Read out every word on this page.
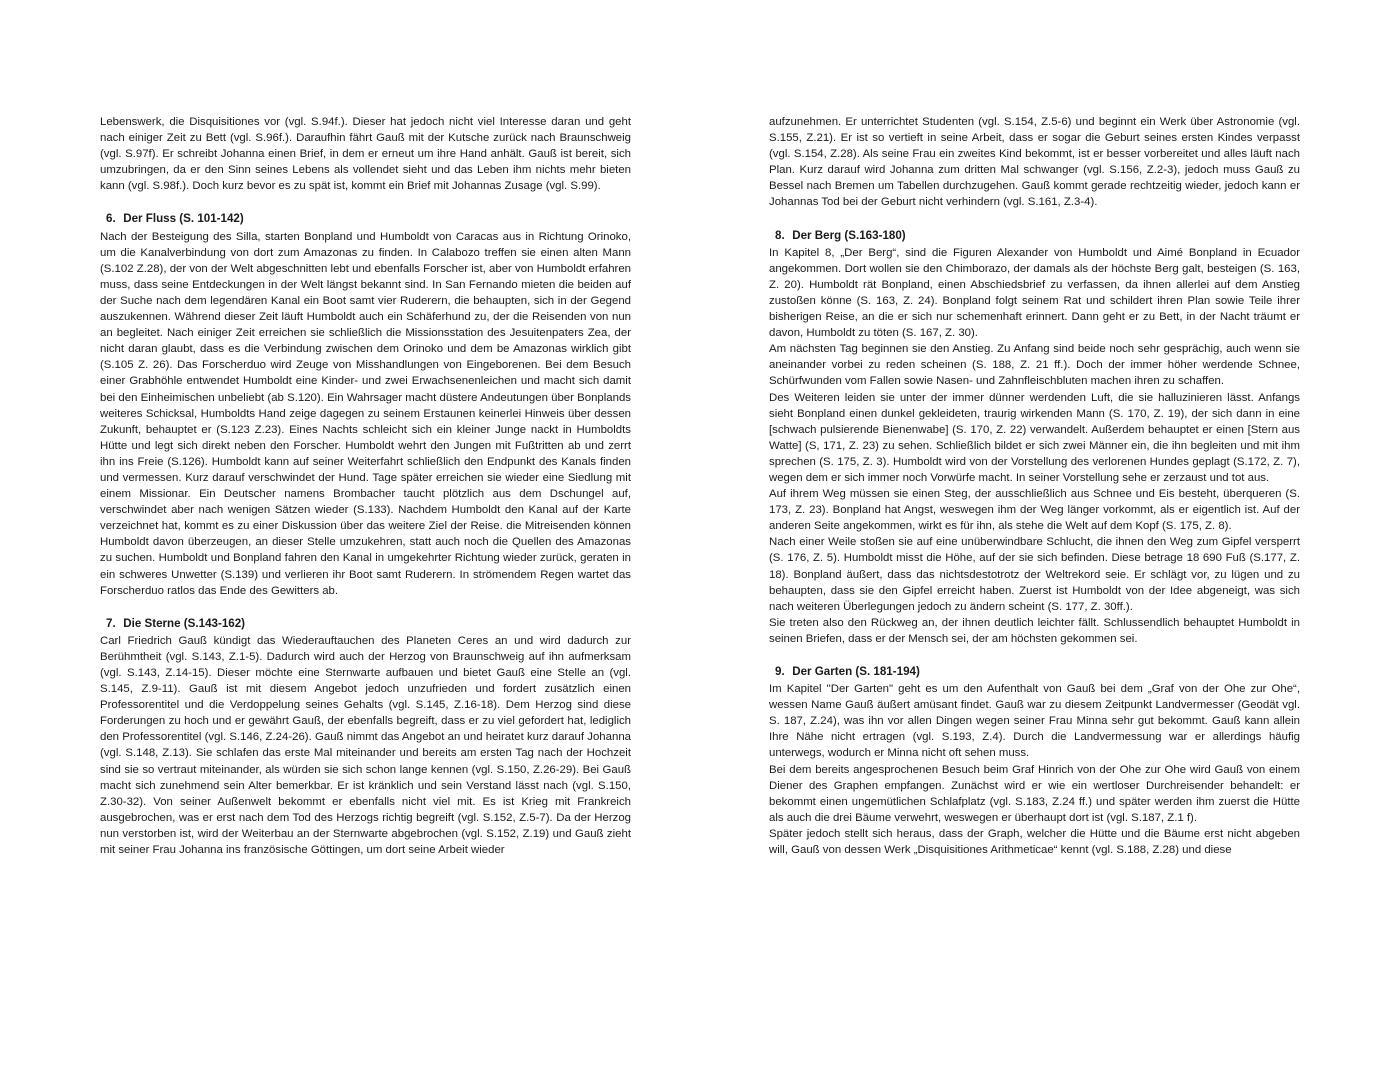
Lebenswerk, die Disquisitiones vor (vgl. S.94f.). Dieser hat jedoch nicht viel Interesse daran und geht nach einiger Zeit zu Bett (vgl. S.96f.). Daraufhin fährt Gauß mit der Kutsche zurück nach Braunschweig (vgl. S.97f). Er schreibt Johanna einen Brief, in dem er erneut um ihre Hand anhält. Gauß ist bereit, sich umzubringen, da er den Sinn seines Lebens als vollendet sieht und das Leben ihm nichts mehr bieten kann (vgl. S.98f.). Doch kurz bevor es zu spät ist, kommt ein Brief mit Johannas Zusage (vgl. S.99).

6. Der Fluss (S. 101-142)

Nach der Besteigung des Silla, starten Bonpland und Humboldt von Caracas aus in Richtung Orinoko, um die Kanalverbindung von dort zum Amazonas zu finden. In Calabozo treffen sie einen alten Mann (S.102 Z.28), der von der Welt abgeschnitten lebt und ebenfalls Forscher ist, aber von Humboldt erfahren muss, dass seine Entdeckungen in der Welt längst bekannt sind. In San Fernando mieten die beiden auf der Suche nach dem legendären Kanal ein Boot samt vier Ruderern, die behaupten, sich in der Gegend auszukennen. Während dieser Zeit läuft Humboldt auch ein Schäferhund zu, der die Reisenden von nun an begleitet. Nach einiger Zeit erreichen sie schließlich die Missionsstation des Jesuitenpaters Zea, der nicht daran glaubt, dass es die Verbindung zwischen dem Orinoko und dem be Amazonas wirklich gibt (S.105 Z. 26). Das Forscherduo wird Zeuge von Misshandlungen von Eingeborenen. Bei dem Besuch einer Grabhöhle entwendet Humboldt eine Kinder- und zwei Erwachsenenleichen und macht sich damit bei den Einheimischen unbeliebt (ab S.120). Ein Wahrsager macht düstere Andeutungen über Bonplands weiteres Schicksal, Humboldts Hand zeige dagegen zu seinem Erstaunen keinerlei Hinweis über dessen Zukunft, behauptet er (S.123 Z.23). Eines Nachts schleicht sich ein kleiner Junge nackt in Humboldts Hütte und legt sich direkt neben den Forscher. Humboldt wehrt den Jungen mit Fußtritten ab und zerrt ihn ins Freie (S.126). Humboldt kann auf seiner Weiterfahrt schließlich den Endpunkt des Kanals finden und vermessen. Kurz darauf verschwindet der Hund. Tage später erreichen sie wieder eine Siedlung mit einem Missionar. Ein Deutscher namens Brombacher taucht plötzlich aus dem Dschungel auf, verschwindet aber nach wenigen Sätzen wieder (S.133). Nachdem Humboldt den Kanal auf der Karte verzeichnet hat, kommt es zu einer Diskussion über das weitere Ziel der Reise. die Mitreisenden können Humboldt davon überzeugen, an dieser Stelle umzukehren, statt auch noch die Quellen des Amazonas zu suchen. Humboldt und Bonpland fahren den Kanal in umgekehrter Richtung wieder zurück, geraten in ein schweres Unwetter (S.139) und verlieren ihr Boot samt Ruderern. In strömendem Regen wartet das Forscherduo ratlos das Ende des Gewitters ab.

7. Die Sterne (S.143-162)

Carl Friedrich Gauß kündigt das Wiederauftauchen des Planeten Ceres an und wird dadurch zur Berühmtheit (vgl. S.143, Z.1-5). Dadurch wird auch der Herzog von Braunschweig auf ihn aufmerksam (vgl. S.143, Z.14-15). Dieser möchte eine Sternwarte aufbauen und bietet Gauß eine Stelle an (vgl. S.145, Z.9-11). Gauß ist mit diesem Angebot jedoch unzufrieden und fordert zusätzlich einen Professorentitel und die Verdoppelung seines Gehalts (vgl. S.145, Z.16-18). Dem Herzog sind diese Forderungen zu hoch und er gewährt Gauß, der ebenfalls begreift, dass er zu viel gefordert hat, lediglich den Professorentitel (vgl. S.146, Z.24-26). Gauß nimmt das Angebot an und heiratet kurz darauf Johanna (vgl. S.148, Z.13). Sie schlafen das erste Mal miteinander und bereits am ersten Tag nach der Hochzeit sind sie so vertraut miteinander, als würden sie sich schon lange kennen (vgl. S.150, Z.26-29). Bei Gauß macht sich zunehmend sein Alter bemerkbar. Er ist kränklich und sein Verstand lässt nach (vgl. S.150, Z.30-32). Von seiner Außenwelt bekommt er ebenfalls nicht viel mit. Es ist Krieg mit Frankreich ausgebrochen, was er erst nach dem Tod des Herzogs richtig begreift (vgl. S.152, Z.5-7). Da der Herzog nun verstorben ist, wird der Weiterbau an der Sternwarte abgebrochen (vgl. S.152, Z.19) und Gauß zieht mit seiner Frau Johanna ins französische Göttingen, um dort seine Arbeit wieder

aufzunehmen. Er unterrichtet Studenten (vgl. S.154, Z.5-6) und beginnt ein Werk über Astronomie (vgl. S.155, Z.21). Er ist so vertieft in seine Arbeit, dass er sogar die Geburt seines ersten Kindes verpasst (vgl. S.154, Z.28). Als seine Frau ein zweites Kind bekommt, ist er besser vorbereitet und alles läuft nach Plan. Kurz darauf wird Johanna zum dritten Mal schwanger (vgl. S.156, Z.2-3), jedoch muss Gauß zu Bessel nach Bremen um Tabellen durchzugehen. Gauß kommt gerade rechtzeitig wieder, jedoch kann er Johannas Tod bei der Geburt nicht verhindern (vgl. S.161, Z.3-4).

8. Der Berg (S.163-180)

In Kapitel 8, „Der Berg“, sind die Figuren Alexander von Humboldt und Aimé Bonpland in Ecuador angekommen. Dort wollen sie den Chimborazo, der damals als der höchste Berg galt, besteigen (S. 163, Z. 20). Humboldt rät Bonpland, einen Abschiedsbrief zu verfassen, da ihnen allerlei auf dem Anstieg zustoßen könne (S. 163, Z. 24). Bonpland folgt seinem Rat und schildert ihren Plan sowie Teile ihrer bisherigen Reise, an die er sich nur schemenhaft erinnert. Dann geht er zu Bett, in der Nacht träumt er davon, Humboldt zu töten (S. 167, Z. 30).

Am nächsten Tag beginnen sie den Anstieg. Zu Anfang sind beide noch sehr gesprächig, auch wenn sie aneinander vorbei zu reden scheinen (S. 188, Z. 21 ff.). Doch der immer höher werdende Schnee, Schürfwunden vom Fallen sowie Nasen- und Zahnfleischbluten machen ihren zu schaffen.

Des Weiteren leiden sie unter der immer dünner werdenden Luft, die sie halluzinieren lässt. Anfangs sieht Bonpland einen dunkel gekleideten, traurig wirkenden Mann (S. 170, Z. 19), der sich dann in eine [schwach pulsierende Bienenwabe] (S. 170, Z. 22) verwandelt. Außerdem behauptet er einen [Stern aus Watte] (S, 171, Z. 23) zu sehen. Schließlich bildet er sich zwei Männer ein, die ihn begleiten und mit ihm sprechen (S. 175, Z. 3). Humboldt wird von der Vorstellung des verlorenen Hundes geplagt (S.172, Z. 7), wegen dem er sich immer noch Vorwürfe macht. In seiner Vorstellung sehe er zerzaust und tot aus.

Auf ihrem Weg müssen sie einen Steg, der ausschließlich aus Schnee und Eis besteht, überqueren (S. 173, Z. 23). Bonpland hat Angst, weswegen ihm der Weg länger vorkommt, als er eigentlich ist. Auf der anderen Seite angekommen, wirkt es für ihn, als stehe die Welt auf dem Kopf (S. 175, Z. 8).

Nach einer Weile stoßen sie auf eine unüberwindbare Schlucht, die ihnen den Weg zum Gipfel versperrt (S. 176, Z. 5). Humboldt misst die Höhe, auf der sie sich befinden. Diese betrage 18 690 Fuß (S.177, Z. 18). Bonpland äußert, dass das nichtsdestotrotz der Weltrekord seie. Er schlägt vor, zu lügen und zu behaupten, dass sie den Gipfel erreicht haben. Zuerst ist Humboldt von der Idee abgeneigt, was sich nach weiteren Überlegungen jedoch zu ändern scheint (S. 177, Z. 30ff.).

Sie treten also den Rückweg an, der ihnen deutlich leichter fällt. Schlussendlich behauptet Humboldt in seinen Briefen, dass er der Mensch sei, der am höchsten gekommen sei.

9. Der Garten (S. 181-194)

Im Kapitel "Der Garten" geht es um den Aufenthalt von Gauß bei dem „Graf von der Ohe zur Ohe“, wessen Name Gauß äußert amüsant findet. Gauß war zu diesem Zeitpunkt Landvermesser (Geodät vgl. S. 187, Z.24), was ihn vor allen Dingen wegen seiner Frau Minna sehr gut bekommt. Gauß kann allein Ihre Nähe nicht ertragen (vgl. S.193, Z.4). Durch die Landvermessung war er allerdings häufig unterwegs, wodurch er Minna nicht oft sehen muss.

Bei dem bereits angesprochenen Besuch beim Graf Hinrich von der Ohe zur Ohe wird Gauß von einem Diener des Graphen empfangen. Zunächst wird er wie ein wertloser Durchreisender behandelt: er bekommt einen ungemütlichen Schlafplatz (vgl. S.183, Z.24 ff.) und später werden ihm zuerst die Hütte als auch die drei Bäume verwehrt, weswegen er überhaupt dort ist (vgl. S.187, Z.1 f).

Später jedoch stellt sich heraus, dass der Graph, welcher die Hütte und die Bäume erst nicht abgeben will, Gauß von dessen Werk „Disquisitiones Arithmeticae“ kennt (vgl. S.188, Z.28) und diese
